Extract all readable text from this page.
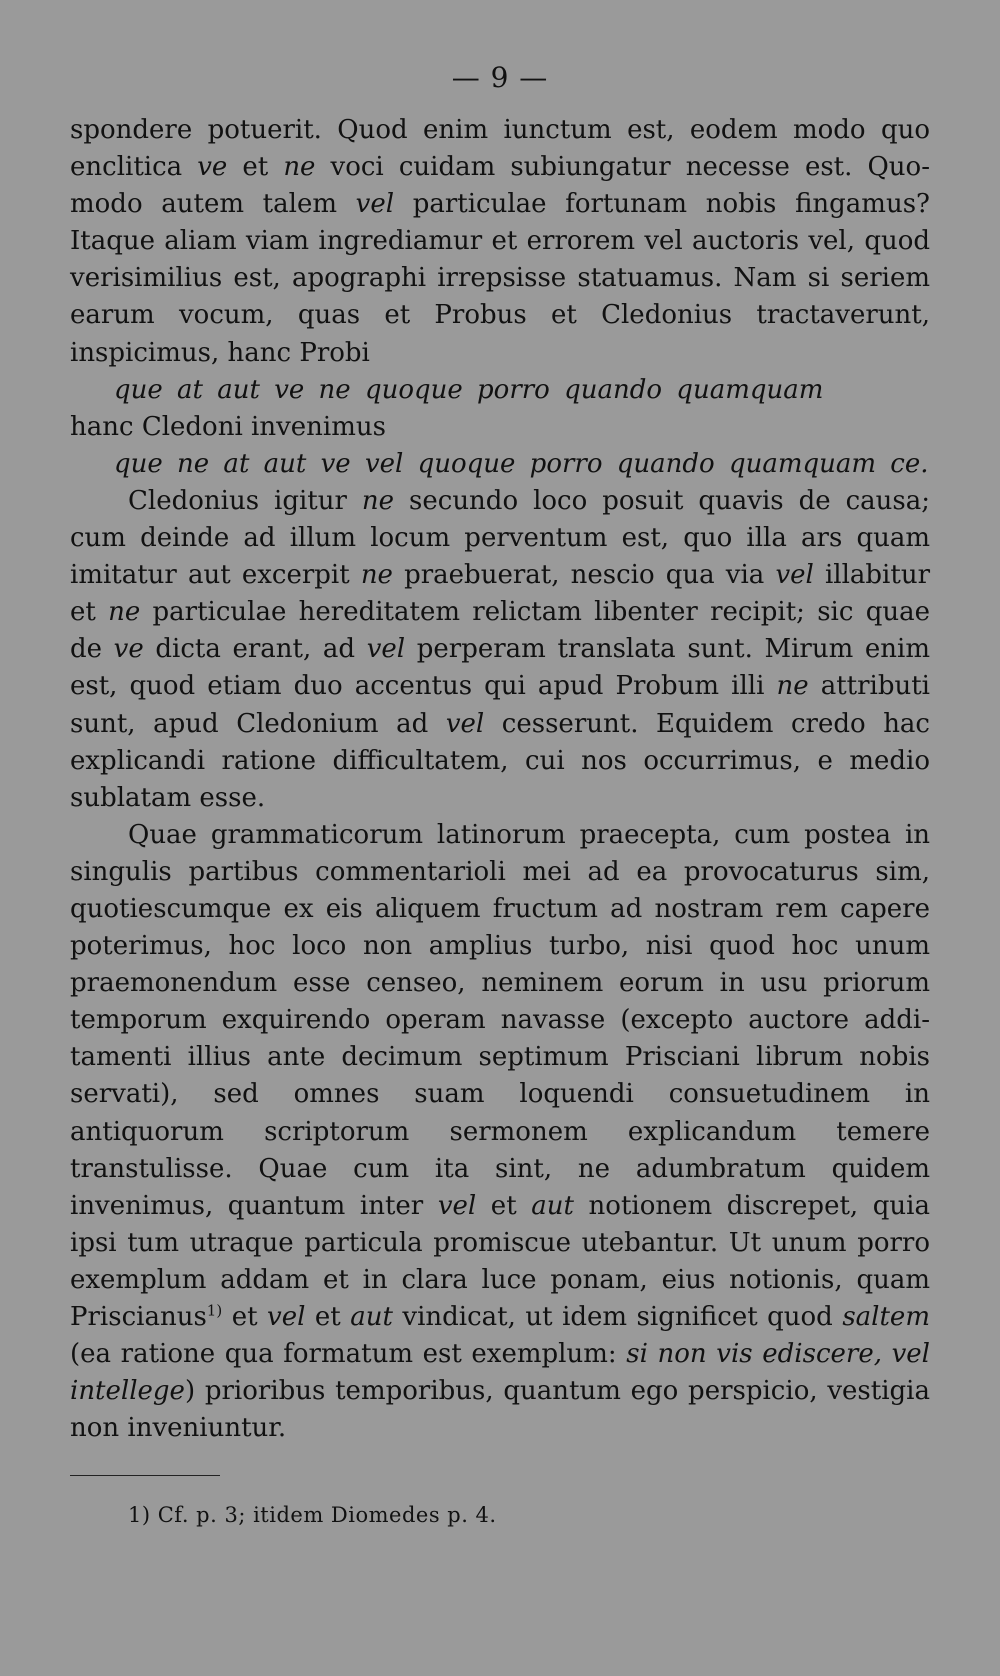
— 9 —

spondere potuerit. Quod enim iunctum est, eodem modo quo enclitica ve et ne voci cuidam subiungatur necesse est. Quomodo autem talem vel particulae fortunam nobis fingamus? Itaque aliam viam ingrediamur et errorem vel auctoris vel, quod verisimilius est, apographi irrepsisse statuamus. Nam si seriem earum vocum, quas et Probus et Cledonius tractaverunt, inspicimus, hanc Probi

que at aut ve ne quoque porro quando quamquam

hanc Cledoni invenimus

que ne at aut ve vel quoque porro quando quamquam ce.

Cledonius igitur ne secundo loco posuit quavis de causa; cum deinde ad illum locum perventum est, quo illa ars quam imitatur aut excerpit ne praebuerat, nescio qua via vel illabitur et ne particulae hereditatem relictam libenter recipit; sic quae de ve dicta erant, ad vel perperam translata sunt. Mirum enim est, quod etiam duo accentus qui apud Probum illi ne attributi sunt, apud Cledonium ad vel cesserunt. Equidem credo hac explicandi ratione difficultatem, cui nos occurrimus, e medio sublatam esse.

Quae grammaticorum latinorum praecepta, cum postea in singulis partibus commentarioli mei ad ea provocaturus sim, quotiescumque ex eis aliquem fructum ad nostram rem capere poterimus, hoc loco non amplius turbo, nisi quod hoc unum praemonendum esse censeo, neminem eorum in usu priorum temporum exquirendo operam navasse (excepto auctore additamenti illius ante decimum septimum Prisciani librum nobis servati), sed omnes suam loquendi consuetudinem in antiquorum scriptorum sermonem explicandum temere transtulisse. Quae cum ita sint, ne adumbratum quidem invenimus, quantum inter vel et aut notionem discrepet, quia ipsi tum utraque particula promiscue utebantur. Ut unum porro exemplum addam et in clara luce ponam, eius notionis, quam Priscianus$^{1)}$ et vel et aut vindicat, ut idem significet quod saltem (ea ratione qua formatum est exemplum: si non vis ediscere, vel intellege) prioribus temporibus, quantum ego perspicio, vestigia non inveniuntur.

1) Cf. p. 3; itidem Diomedes p. 4.
